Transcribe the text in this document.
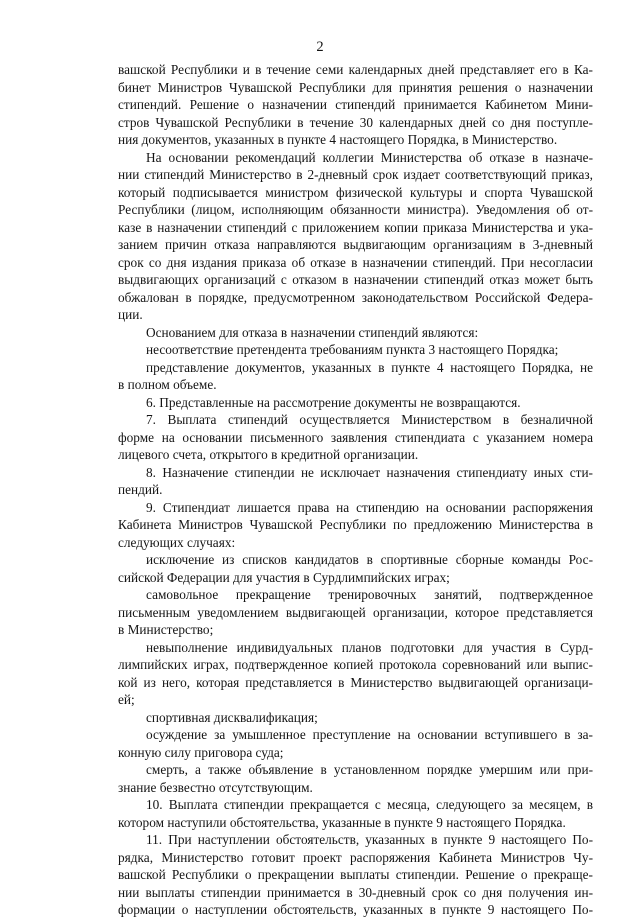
2

вашской Республики и в течение семи календарных дней представляет его в Ка-

бинет Министров Чувашской Республики для принятия решения о назначении

стипендий. Решение о назначении стипендий принимается Кабинетом Мини-

стров Чувашской Республики в течение 30 календарных дней со дня поступле-

ния документов, указанных в пункте 4 настоящего Порядка, в Министерство.

На основании рекомендаций коллегии Министерства об отказе в назначе-

нии стипендий Министерство в 2-дневный срок издает соответствующий приказ,

который подписывается министром физической культуры и спорта Чувашской

Республики (лицом, исполняющим обязанности министра). Уведомления об от-

казе в назначении стипендий с приложением копии приказа Министерства и ука-

занием причин отказа направляются выдвигающим организациям в 3-дневный

срок со дня издания приказа об отказе в назначении стипендий. При несогласии

выдвигающих организаций с отказом в назначении стипендий отказ может быть

обжалован в порядке, предусмотренном законодательством Российской Федера-

ции.

Основанием для отказа в назначении стипендий являются:

несоответствие претендента требованиям пункта 3 настоящего Порядка;

представление документов, указанных в пункте 4 настоящего Порядка, не

в полном объеме.

6. Представленные на рассмотрение документы не возвращаются.

7. Выплата стипендий осуществляется Министерством в безналичной

форме на основании письменного заявления стипендиата с указанием номера

лицевого счета, открытого в кредитной организации.

8. Назначение стипендии не исключает назначения стипендиату иных сти-

пендий.

9. Стипендиат лишается права на стипендию на основании распоряжения

Кабинета Министров Чувашской Республики по предложению Министерства в

следующих случаях:

исключение из списков кандидатов в спортивные сборные команды Рос-

сийской Федерации для участия в Сурдлимпийских играх;

самовольное прекращение тренировочных занятий, подтвержденное

письменным уведомлением выдвигающей организации, которое представляется

в Министерство;

невыполнение индивидуальных планов подготовки для участия в Сурд-

лимпийских играх, подтвержденное копией протокола соревнований или выпис-

кой из него, которая представляется в Министерство выдвигающей организаци-

ей;

спортивная дисквалификация;

осуждение за умышленное преступление на основании вступившего в за-

конную силу приговора суда;

смерть, а также объявление в установленном порядке умершим или при-

знание безвестно отсутствующим.

10. Выплата стипендии прекращается с месяца, следующего за месяцем, в

котором наступили обстоятельства, указанные в пункте 9 настоящего Порядка.

11. При наступлении обстоятельств, указанных в пункте 9 настоящего По-

рядка, Министерство готовит проект распоряжения Кабинета Министров Чу-

вашской Республики о прекращении выплаты стипендии. Решение о прекраще-

нии выплаты стипендии принимается в 30-дневный срок со дня получения ин-

формации о наступлении обстоятельств, указанных в пункте 9 настоящего По-
